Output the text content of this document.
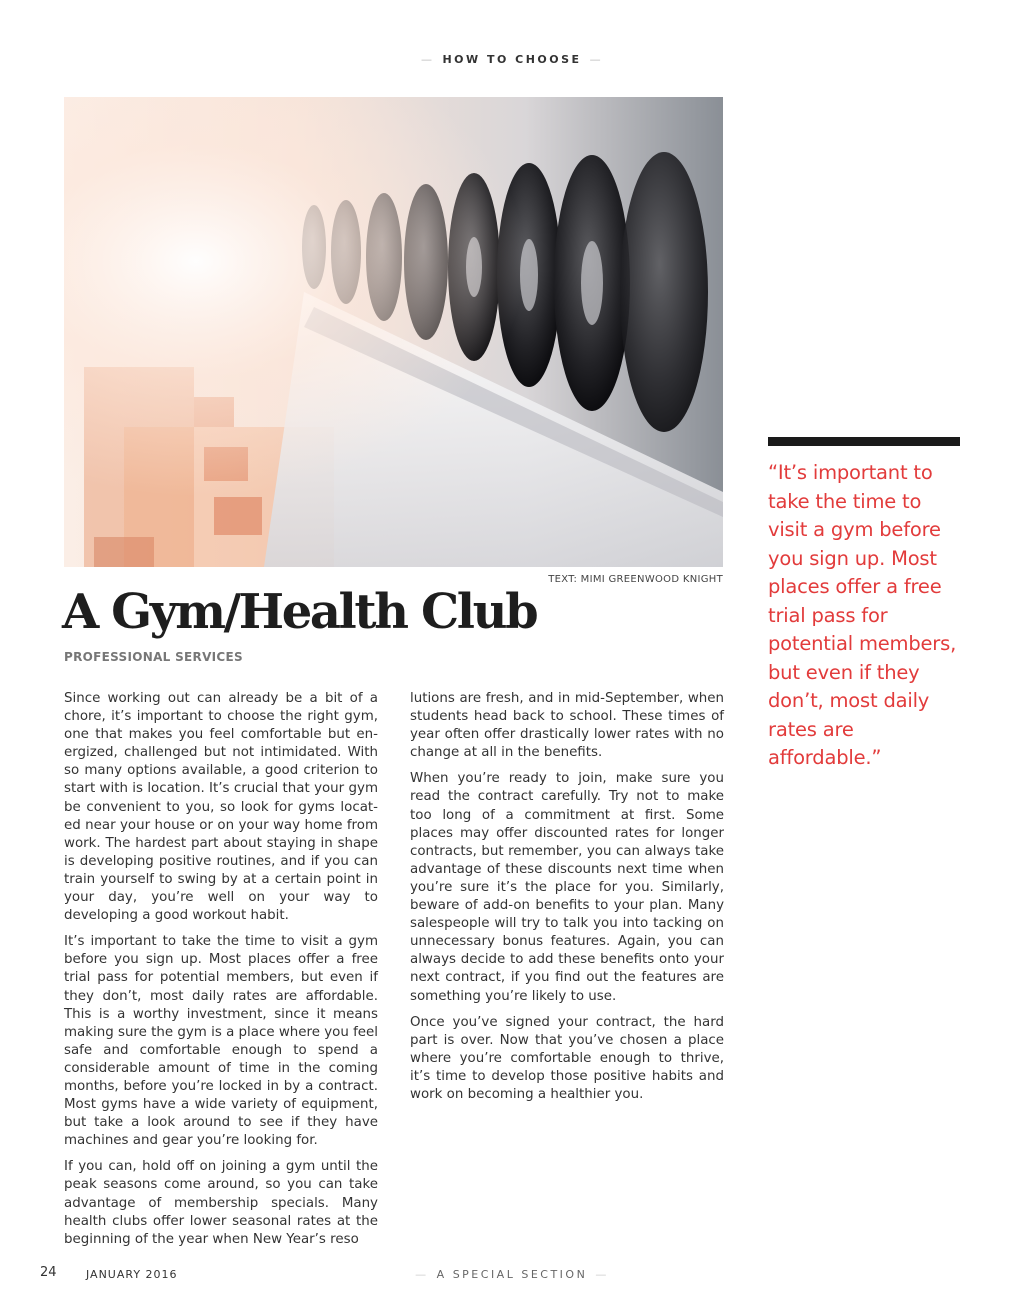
— HOW TO CHOOSE —
TEXT: MIMI GREENWOOD KNIGHT
A Gym/Health Club
PROFESSIONAL SERVICES

Since working out can already be a bit of a chore, it’s important to choose the right gym, one that makes you feel comfortable but energized, challenged but not intimidated. With so many options available, a good criterion to start with is location. It’s crucial that your gym be convenient to you, so look for gyms located near your house or on your way home from work. The hardest part about staying in shape is developing positive routines, and if you can train yourself to swing by at a certain point in your day, you’re well on your way to developing a good workout habit.

It’s important to take the time to visit a gym before you sign up. Most places offer a free trial pass for potential members, but even if they don’t, most daily rates are affordable. This is a worthy investment, since it means making sure the gym is a place where you feel safe and comfortable enough to spend a considerable amount of time in the coming months, before you’re locked in by a contract. Most gyms have a wide variety of equipment, but take a look around to see if they have machines and gear you’re looking for.

If you can, hold off on joining a gym until the peak seasons come around, so you can take advantage of membership specials. Many health clubs offer lower seasonal rates at the beginning of the year when New Year’s reso

lutions are fresh, and in mid-September, when students head back to school. These times of year often offer drastically lower rates with no change at all in the benefits.

When you’re ready to join, make sure you read the contract carefully. Try not to make too long of a commitment at first. Some places may offer discounted rates for longer contracts, but remember, you can always take advantage of these discounts next time when you’re sure it’s the place for you. Similarly, beware of add-on benefits to your plan. Many salespeople will try to talk you into tacking on unnecessary bonus features. Again, you can always decide to add these benefits onto your next contract, if you find out the features are something you’re likely to use.

Once you’ve signed your contract, the hard part is over. Now that you’ve chosen a place where you’re comfortable enough to thrive, it’s time to develop those positive habits and work on becoming a healthier you.

“It’s important to take the time to visit a gym before you sign up. Most places offer a free trial pass for potential members, but even if they don’t, most daily rates are affordable.”
24	JANUARY 2016	— A SPECIAL SECTION —
